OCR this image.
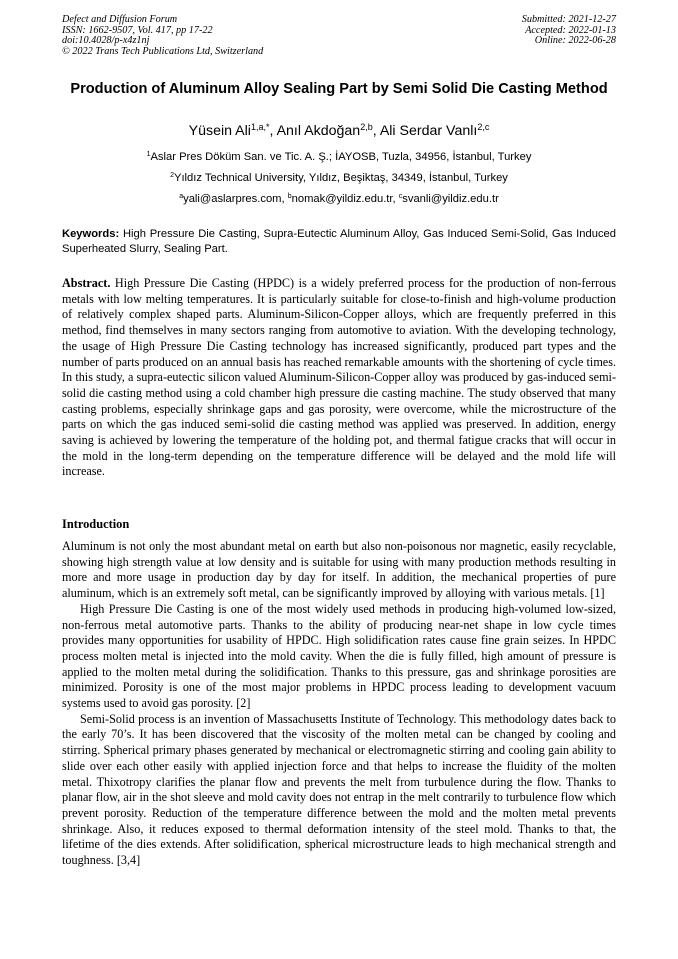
Defect and Diffusion Forum
ISSN: 1662-9507, Vol. 417, pp 17-22
doi:10.4028/p-x4z1nj
© 2022 Trans Tech Publications Ltd, Switzerland
Submitted: 2021-12-27
Accepted: 2022-01-13
Online: 2022-06-28
Production of Aluminum Alloy Sealing Part by Semi Solid Die Casting Method
Yüsein Ali$^{1,a,*}$, Anıl Akdoğan$^{2,b}$, Ali Serdar Vanlı$^{2,c}$
$^1$Aslar Pres Döküm San. ve Tic. A. Ş.; İAYOSB, Tuzla, 34956, İstanbul, Turkey
$^2$Yıldız Technical University, Yıldız, Beşiktaş, 34349, İstanbul, Turkey
$^a$yali@aslarpres.com, $^b$nomak@yildiz.edu.tr, $^c$svanli@yildiz.edu.tr
Keywords: High Pressure Die Casting, Supra-Eutectic Aluminum Alloy, Gas Induced Semi-Solid, Gas Induced Superheated Slurry, Sealing Part.
Abstract. High Pressure Die Casting (HPDC) is a widely preferred process for the production of non-ferrous metals with low melting temperatures. It is particularly suitable for close-to-finish and high-volume production of relatively complex shaped parts. Aluminum-Silicon-Copper alloys, which are frequently preferred in this method, find themselves in many sectors ranging from automotive to aviation. With the developing technology, the usage of High Pressure Die Casting technology has increased significantly, produced part types and the number of parts produced on an annual basis has reached remarkable amounts with the shortening of cycle times. In this study, a supra-eutectic silicon valued Aluminum-Silicon-Copper alloy was produced by gas-induced semi-solid die casting method using a cold chamber high pressure die casting machine. The study observed that many casting problems, especially shrinkage gaps and gas porosity, were overcome, while the microstructure of the parts on which the gas induced semi-solid die casting method was applied was preserved. In addition, energy saving is achieved by lowering the temperature of the holding pot, and thermal fatigue cracks that will occur in the mold in the long-term depending on the temperature difference will be delayed and the mold life will increase.
Introduction

Aluminum is not only the most abundant metal on earth but also non-poisonous nor magnetic, easily recyclable, showing high strength value at low density and is suitable for using with many production methods resulting in more and more usage in production day by day for itself. In addition, the mechanical properties of pure aluminum, which is an extremely soft metal, can be significantly improved by alloying with various metals. [1]

High Pressure Die Casting is one of the most widely used methods in producing high-volumed low-sized, non-ferrous metal automotive parts. Thanks to the ability of producing near-net shape in low cycle times provides many opportunities for usability of HPDC. High solidification rates cause fine grain seizes. In HPDC process molten metal is injected into the mold cavity. When the die is fully filled, high amount of pressure is applied to the molten metal during the solidification. Thanks to this pressure, gas and shrinkage porosities are minimized. Porosity is one of the most major problems in HPDC process leading to development vacuum systems used to avoid gas porosity. [2]

Semi-Solid process is an invention of Massachusetts Institute of Technology. This methodology dates back to the early 70’s. It has been discovered that the viscosity of the molten metal can be changed by cooling and stirring. Spherical primary phases generated by mechanical or electromagnetic stirring and cooling gain ability to slide over each other easily with applied injection force and that helps to increase the fluidity of the molten metal. Thixotropy clarifies the planar flow and prevents the melt from turbulence during the flow. Thanks to planar flow, air in the shot sleeve and mold cavity does not entrap in the melt contrarily to turbulence flow which prevent porosity. Reduction of the temperature difference between the mold and the molten metal prevents shrinkage. Also, it reduces exposed to thermal deformation intensity of the steel mold. Thanks to that, the lifetime of the dies extends. After solidification, spherical microstructure leads to high mechanical strength and toughness. [3,4]
